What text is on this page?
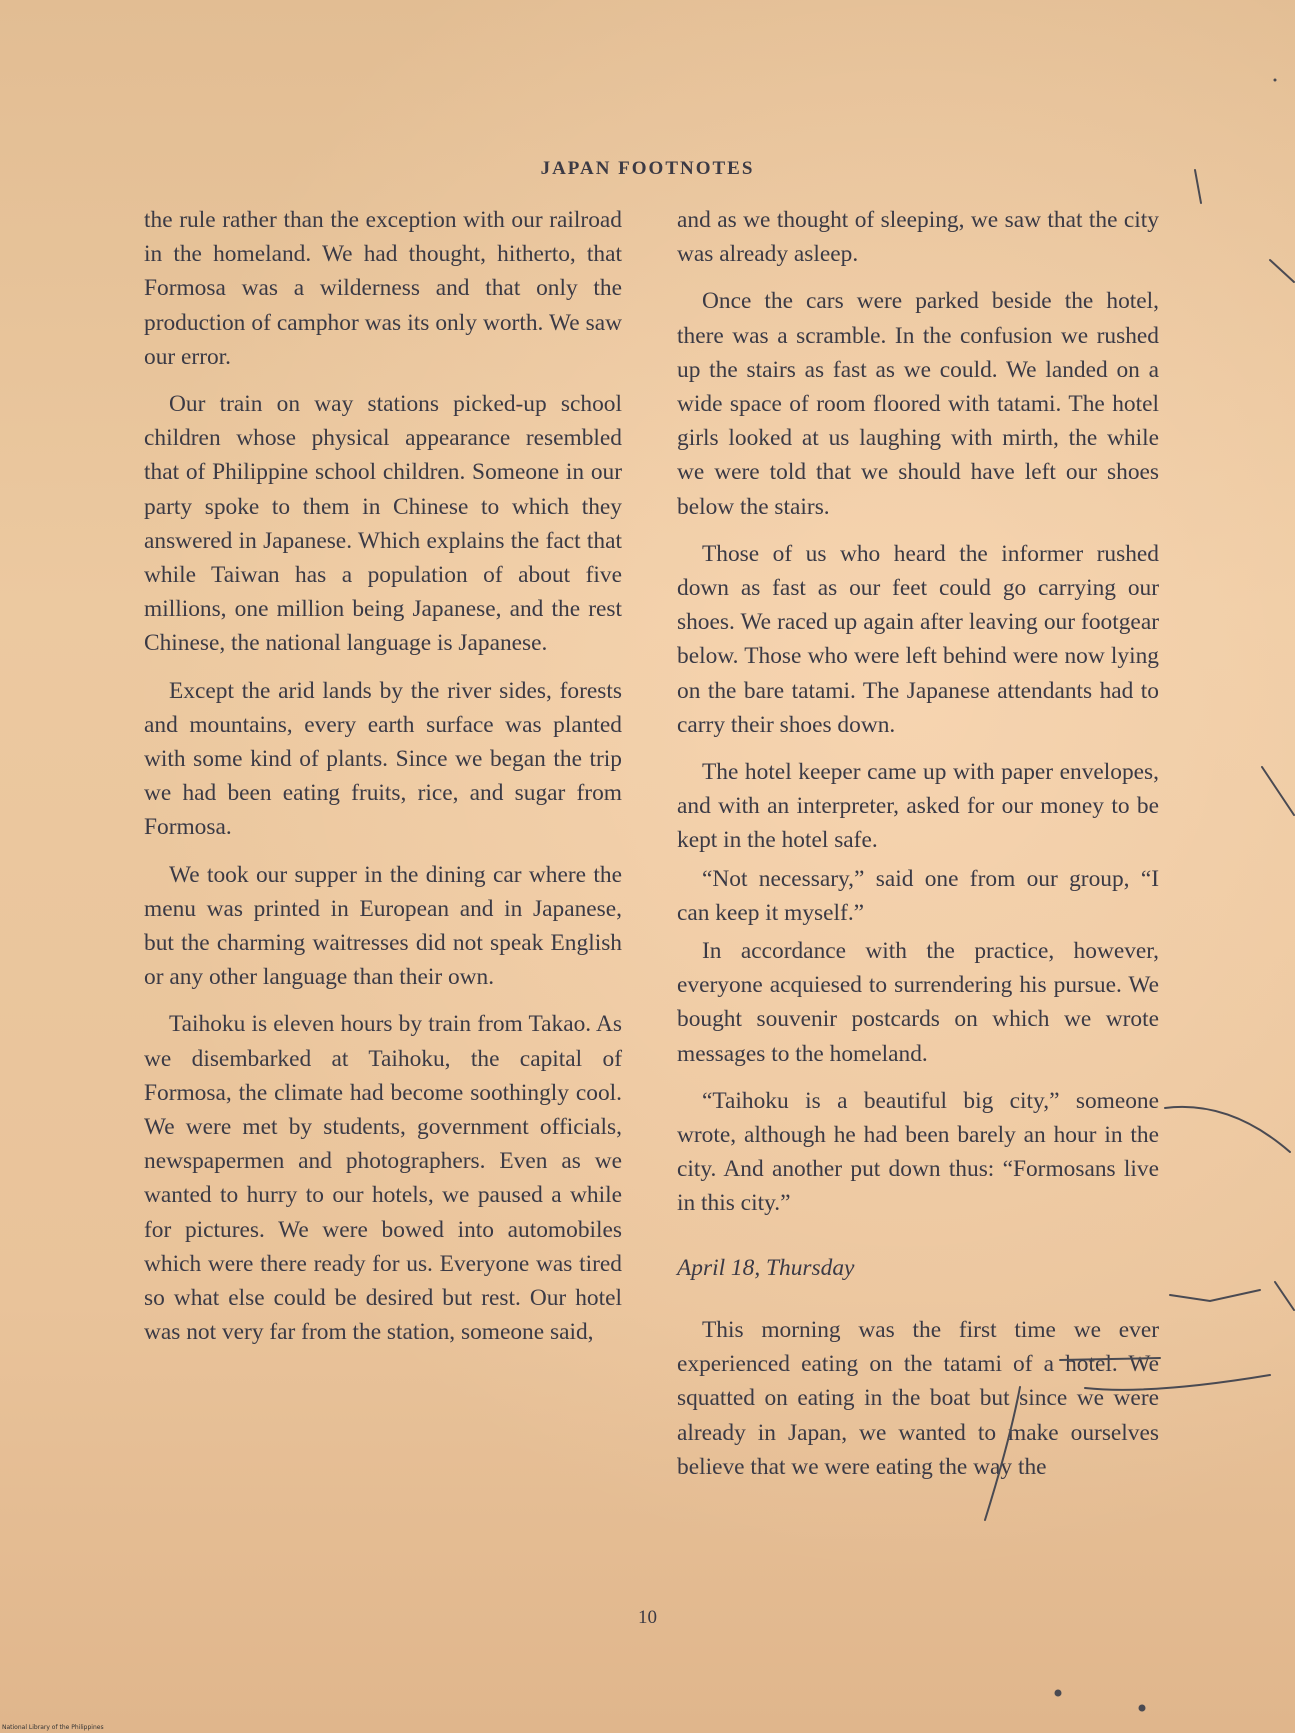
JAPAN FOOTNOTES

the rule rather than the exception with our railroad in the homeland. We had thought, hitherto, that Formosa was a wilderness and that only the production of camphor was its only worth. We saw our error.

Our train on way stations picked-up school children whose physical appearance resembled that of Philippine school children. Someone in our party spoke to them in Chinese to which they answered in Japanese. Which explains the fact that while Taiwan has a population of about five millions, one million being Japanese, and the rest Chinese, the national language is Japanese.

Except the arid lands by the river sides, forests and mountains, every earth surface was planted with some kind of plants. Since we began the trip we had been eating fruits, rice, and sugar from Formosa.

We took our supper in the dining car where the menu was printed in European and in Japanese, but the charming waitresses did not speak English or any other language than their own.

Taihoku is eleven hours by train from Takao. As we disembarked at Taihoku, the capital of Formosa, the climate had become soothingly cool. We were met by students, government officials, newspapermen and photographers. Even as we wanted to hurry to our hotels, we paused a while for pictures. We were bowed into automobiles which were there ready for us. Everyone was tired so what else could be desired but rest. Our hotel was not very far from the station, someone said,

and as we thought of sleeping, we saw that the city was already asleep.

Once the cars were parked beside the hotel, there was a scramble. In the confusion we rushed up the stairs as fast as we could. We landed on a wide space of room floored with tatami. The hotel girls looked at us laughing with mirth, the while we were told that we should have left our shoes below the stairs.

Those of us who heard the informer rushed down as fast as our feet could go carrying our shoes. We raced up again after leaving our footgear below. Those who were left behind were now lying on the bare tatami. The Japanese attendants had to carry their shoes down.

The hotel keeper came up with paper envelopes, and with an interpreter, asked for our money to be kept in the hotel safe.

“Not necessary,” said one from our group, “I can keep it myself.”

In accordance with the practice, however, everyone acquiesed to surrendering his pursue. We bought souvenir postcards on which we wrote messages to the homeland.

“Taihoku is a beautiful big city,” someone wrote, although he had been barely an hour in the city. And another put down thus: “Formosans live in this city.”

April 18, Thursday

This morning was the first time we ever experienced eating on the tatami of a hotel. We squatted on eating in the boat but since we were already in Japan, we wanted to make ourselves believe that we were eating the way the

10
National Library of the Philippines
